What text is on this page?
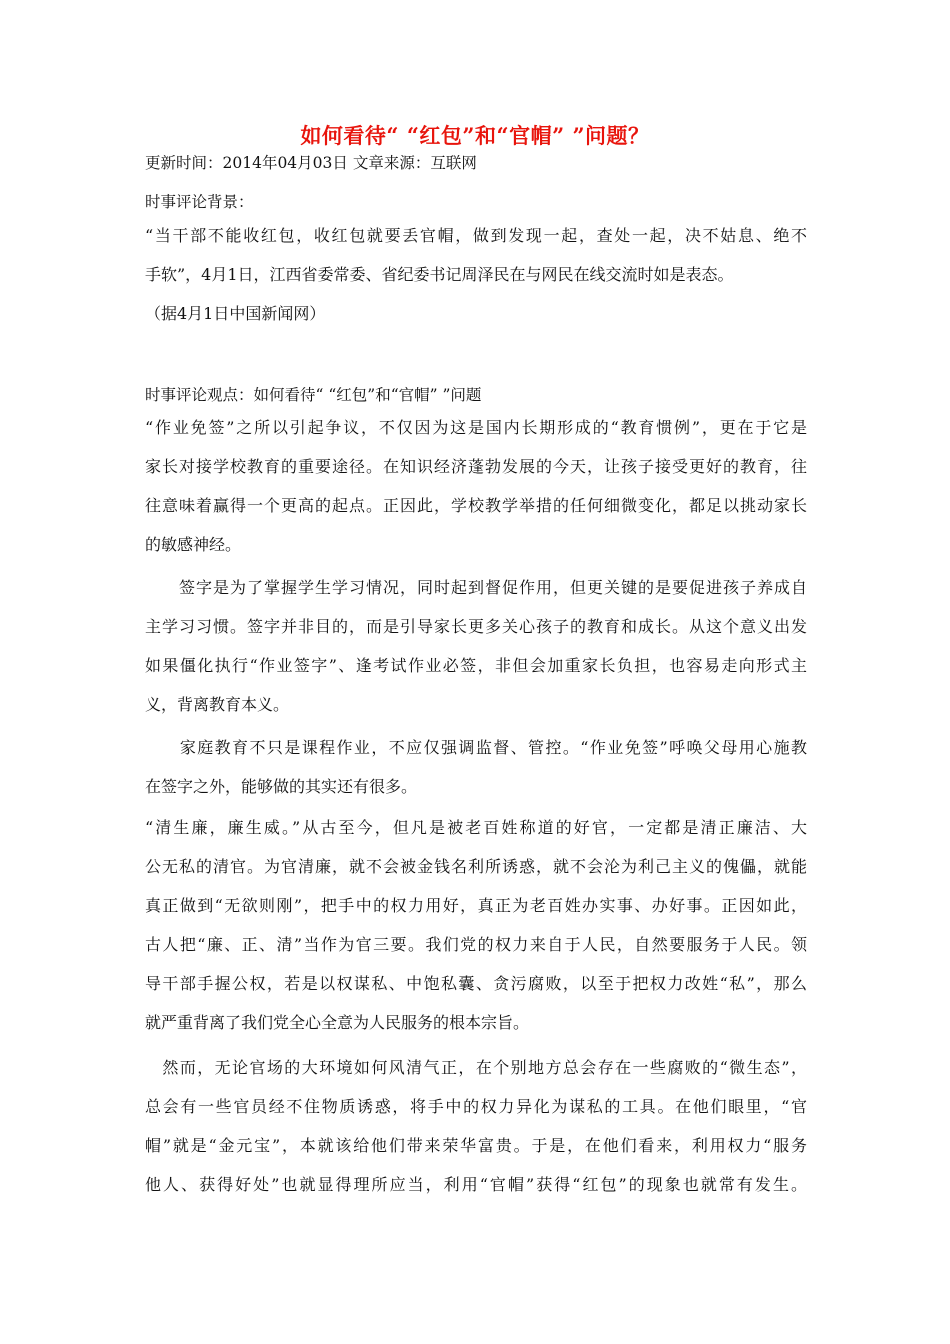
如何看待“ “红包”和“官帽” ”问题？
更新时间：2014年04月03日 文章来源：互联网
时事评论背景：
“当干部不能收红包，收红包就要丢官帽，做到发现一起，查处一起，决不姑息、绝不
手软”，4月1日，江西省委常委、省纪委书记周泽民在与网民在线交流时如是表态。
（据4月1日中国新闻网）
时事评论观点：如何看待“ “红包”和“官帽” ”问题
“作业免签”之所以引起争议，不仅因为这是国内长期形成的“教育惯例”，更在于它是
家长对接学校教育的重要途径。在知识经济蓬勃发展的今天，让孩子接受更好的教育，往
往意味着赢得一个更高的起点。正因此，学校教学举措的任何细微变化，都足以挑动家长
的敏感神经。
　　签字是为了掌握学生学习情况，同时起到督促作用，但更关键的是要促进孩子养成自
主学习习惯。签字并非目的，而是引导家长更多关心孩子的教育和成长。从这个意义出发
如果僵化执行“作业签字”、逢考试作业必签，非但会加重家长负担，也容易走向形式主
义，背离教育本义。
　　家庭教育不只是课程作业，不应仅强调监督、管控。“作业免签”呼唤父母用心施教
在签字之外，能够做的其实还有很多。
“清生廉，廉生威。”从古至今，但凡是被老百姓称道的好官，一定都是清正廉洁、大
公无私的清官。为官清廉，就不会被金钱名利所诱惑，就不会沦为利己主义的傀儡，就能
真正做到“无欲则刚”，把手中的权力用好，真正为老百姓办实事、办好事。正因如此，
古人把“廉、正、清”当作为官三要。我们党的权力来自于人民，自然要服务于人民。领
导干部手握公权，若是以权谋私、中饱私囊、贪污腐败，以至于把权力改姓“私”，那么
就严重背离了我们党全心全意为人民服务的根本宗旨。
　然而，无论官场的大环境如何风清气正，在个别地方总会存在一些腐败的“微生态”，
总会有一些官员经不住物质诱惑，将手中的权力异化为谋私的工具。在他们眼里，“官
帽”就是“金元宝”，本就该给他们带来荣华富贵。于是，在他们看来，利用权力“服务
他人、获得好处”也就显得理所应当，利用“官帽”获得“红包”的现象也就常有发生。
